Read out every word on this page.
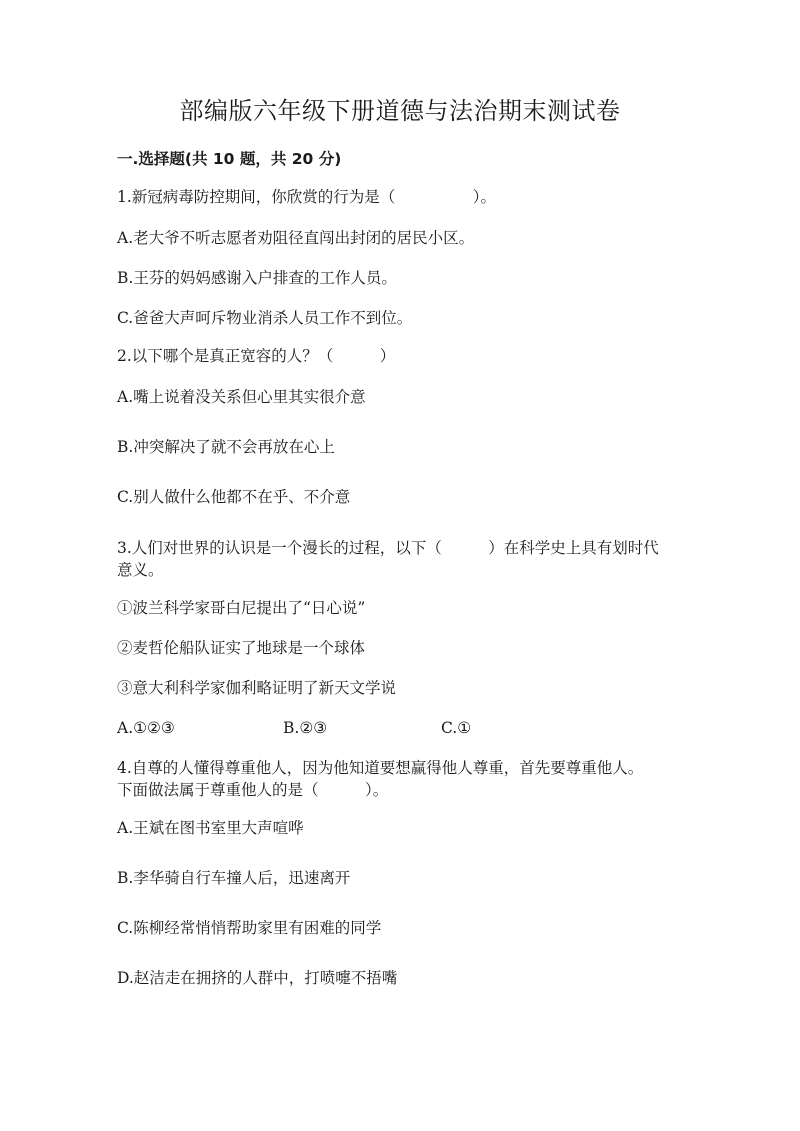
部编版六年级下册道德与法治期末测试卷
一.选择题(共 10 题，共 20 分)
1.新冠病毒防控期间，你欣赏的行为是（　　　　　）。
A.老大爷不听志愿者劝阻径直闯出封闭的居民小区。
B.王芬的妈妈感谢入户排查的工作人员。
C.爸爸大声呵斥物业消杀人员工作不到位。
2.以下哪个是真正宽容的人？（　　　）
A.嘴上说着没关系但心里其实很介意
B.冲突解决了就不会再放在心上
C.别人做什么他都不在乎、不介意
3.人们对世界的认识是一个漫长的过程，以下（　　　）在科学史上具有划时代
意义。
①波兰科学家哥白尼提出了“日心说”
②麦哲伦船队证实了地球是一个球体
③意大利科学家伽利略证明了新天文学说
A.①②③	B.②③	C.①
4.自尊的人懂得尊重他人，因为他知道要想赢得他人尊重，首先要尊重他人。
下面做法属于尊重他人的是（　　　）。
A.王斌在图书室里大声喧哗
B.李华骑自行车撞人后，迅速离开
C.陈柳经常悄悄帮助家里有困难的同学
D.赵洁走在拥挤的人群中，打喷嚏不捂嘴
